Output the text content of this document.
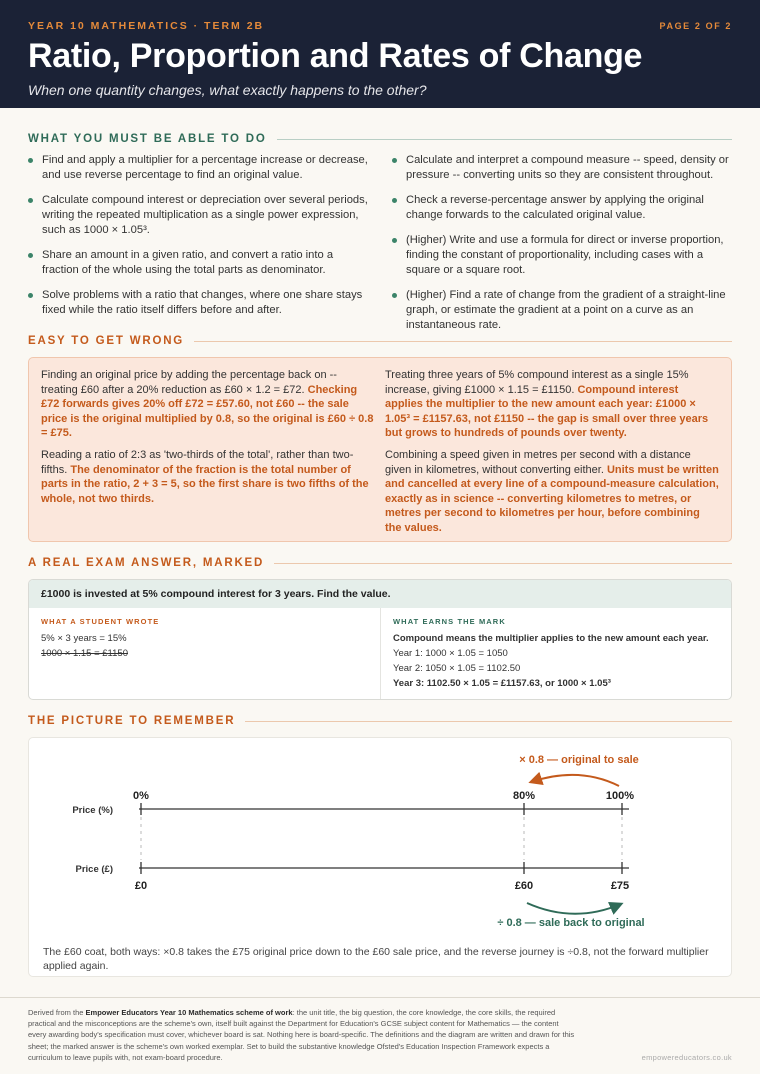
YEAR 10 MATHEMATICS · TERM 2B	PAGE 2 OF 2
Ratio, Proportion and Rates of Change
When one quantity changes, what exactly happens to the other?
WHAT YOU MUST BE ABLE TO DO
Find and apply a multiplier for a percentage increase or decrease, and use reverse percentage to find an original value.
Calculate compound interest or depreciation over several periods, writing the repeated multiplication as a single power expression, such as 1000 × 1.05³.
Share an amount in a given ratio, and convert a ratio into a fraction of the whole using the total parts as denominator.
Solve problems with a ratio that changes, where one share stays fixed while the ratio itself differs before and after.
Calculate and interpret a compound measure -- speed, density or pressure -- converting units so they are consistent throughout.
Check a reverse-percentage answer by applying the original change forwards to the calculated original value.
(Higher) Write and use a formula for direct or inverse proportion, finding the constant of proportionality, including cases with a square or a square root.
(Higher) Find a rate of change from the gradient of a straight-line graph, or estimate the gradient at a point on a curve as an instantaneous rate.
EASY TO GET WRONG

Finding an original price by adding the percentage back on -- treating £60 after a 20% reduction as £60 × 1.2 = £72. Checking £72 forwards gives 20% off £72 = £57.60, not £60 -- the sale price is the original multiplied by 0.8, so the original is £60 ÷ 0.8 = £75.

Reading a ratio of 2:3 as 'two-thirds of the total', rather than two-fifths. The denominator of the fraction is the total number of parts in the ratio, 2 + 3 = 5, so the first share is two fifths of the whole, not two thirds.

Treating three years of 5% compound interest as a single 15% increase, giving £1000 × 1.15 = £1150. Compound interest applies the multiplier to the new amount each year: £1000 × 1.05³ = £1157.63, not £1150 -- the gap is small over three years but grows to hundreds of pounds over twenty.

Combining a speed given in metres per second with a distance given in kilometres, without converting either. Units must be written and cancelled at every line of a compound-measure calculation, exactly as in science -- converting kilometres to metres, or metres per second to kilometres per hour, before combining the values.

A REAL EXAM ANSWER, MARKED
£1000 is invested at 5% compound interest for 3 years. Find the value.
WHAT A STUDENT WROTE
5% × 3 years = 15%
1000 × 1.15 = £1150
WHAT EARNS THE MARK
Compound means the multiplier applies to the new amount each year.
Year 1: 1000 × 1.05 = 1050
Year 2: 1050 × 1.05 = 1102.50
Year 3: 1102.50 × 1.05 = £1157.63, or 1000 × 1.05³
THE PICTURE TO REMEMBER
× 0.8 — original to sale
Price (%)
0%	80%	100%
Price (£)
£0	£60	£75
÷ 0.8 — sale back to original
The £60 coat, both ways: ×0.8 takes the £75 original price down to the £60 sale price, and the reverse journey is ÷0.8, not the forward multiplier applied again.
Derived from the Empower Educators Year 10 Mathematics scheme of work: the unit title, the big question, the core knowledge, the core skills, the required practical and the misconceptions are the scheme's own, itself built against the Department for Education's GCSE subject content for Mathematics — the content every awarding body's specification must cover, whichever board is sat. Nothing here is board-specific. The definitions and the diagram are written and drawn for this sheet; the marked answer is the scheme's own worked exemplar. Set to build the substantive knowledge Ofsted's Education Inspection Framework expects a curriculum to leave pupils with, not exam-board procedure.	empowereducators.co.uk
